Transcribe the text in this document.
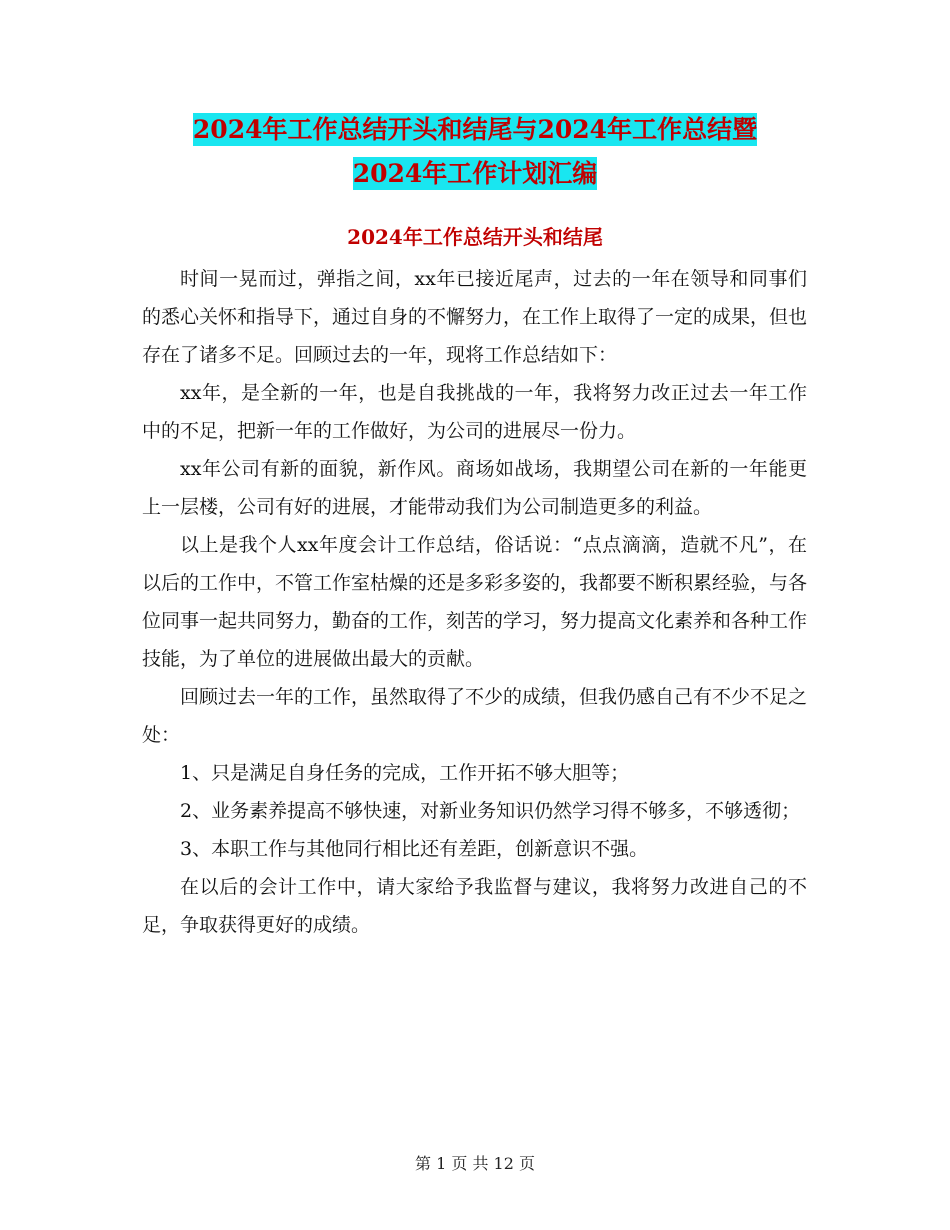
2024年工作总结开头和结尾与2024年工作总结暨
2024年工作计划汇编
2024年工作总结开头和结尾

时间一晃而过，弹指之间，xx年已接近尾声，过去的一年在领导和同事们的悉心关怀和指导下，通过自身的不懈努力，在工作上取得了一定的成果，但也存在了诸多不足。回顾过去的一年，现将工作总结如下：

xx年，是全新的一年，也是自我挑战的一年，我将努力改正过去一年工作中的不足，把新一年的工作做好，为公司的进展尽一份力。

xx年公司有新的面貌，新作风。商场如战场，我期望公司在新的一年能更上一层楼，公司有好的进展，才能带动我们为公司制造更多的利益。

以上是我个人xx年度会计工作总结，俗话说：“点点滴滴，造就不凡”，在以后的工作中，不管工作室枯燥的还是多彩多姿的，我都要不断积累经验，与各位同事一起共同努力，勤奋的工作，刻苦的学习，努力提高文化素养和各种工作技能，为了单位的进展做出最大的贡献。

回顾过去一年的工作，虽然取得了不少的成绩，但我仍感自己有不少不足之处：

1、只是满足自身任务的完成，工作开拓不够大胆等；

2、业务素养提高不够快速，对新业务知识仍然学习得不够多，不够透彻；

3、本职工作与其他同行相比还有差距，创新意识不强。

在以后的会计工作中，请大家给予我监督与建议，我将努力改进自己的不足，争取获得更好的成绩。

第 1 页 共 12 页
